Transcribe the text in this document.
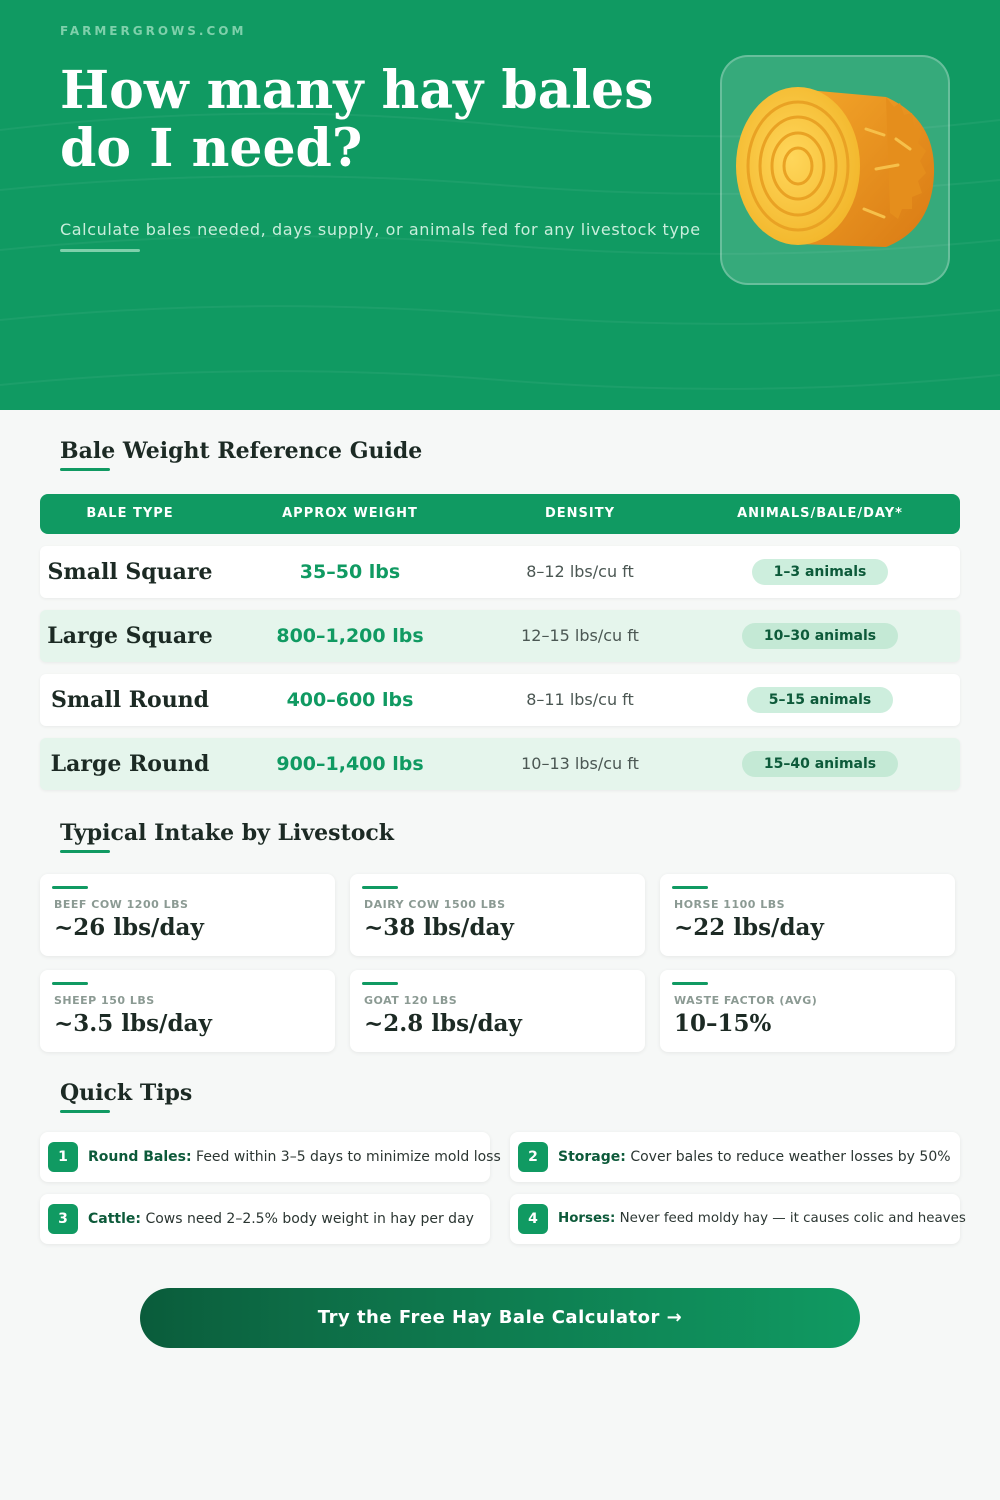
FARMERGROWS.COM
How many hay bales do I need?
Calculate bales needed, days supply, or animals fed for any livestock type
Bale Weight Reference Guide
BALE TYPE	APPROX WEIGHT	DENSITY	ANIMALS/BALE/DAY*
Small Square	35–50 lbs	8–12 lbs/cu ft	1–3 animals
Large Square	800–1,200 lbs	12–15 lbs/cu ft	10–30 animals
Small Round	400–600 lbs	8–11 lbs/cu ft	5–15 animals
Large Round	900–1,400 lbs	10–13 lbs/cu ft	15–40 animals
Typical Intake by Livestock
BEEF COW 1200 LBS
~26 lbs/day
DAIRY COW 1500 LBS
~38 lbs/day
HORSE 1100 LBS
~22 lbs/day
SHEEP 150 LBS
~3.5 lbs/day
GOAT 120 LBS
~2.8 lbs/day
WASTE FACTOR (AVG)
10–15%
Quick Tips
1	Round Bales: Feed within 3–5 days to minimize mold loss	2	Storage: Cover bales to reduce weather losses by 50%
3	Cattle: Cows need 2–2.5% body weight in hay per day	4	Horses: Never feed moldy hay — it causes colic and heaves
Try the Free Hay Bale Calculator →
